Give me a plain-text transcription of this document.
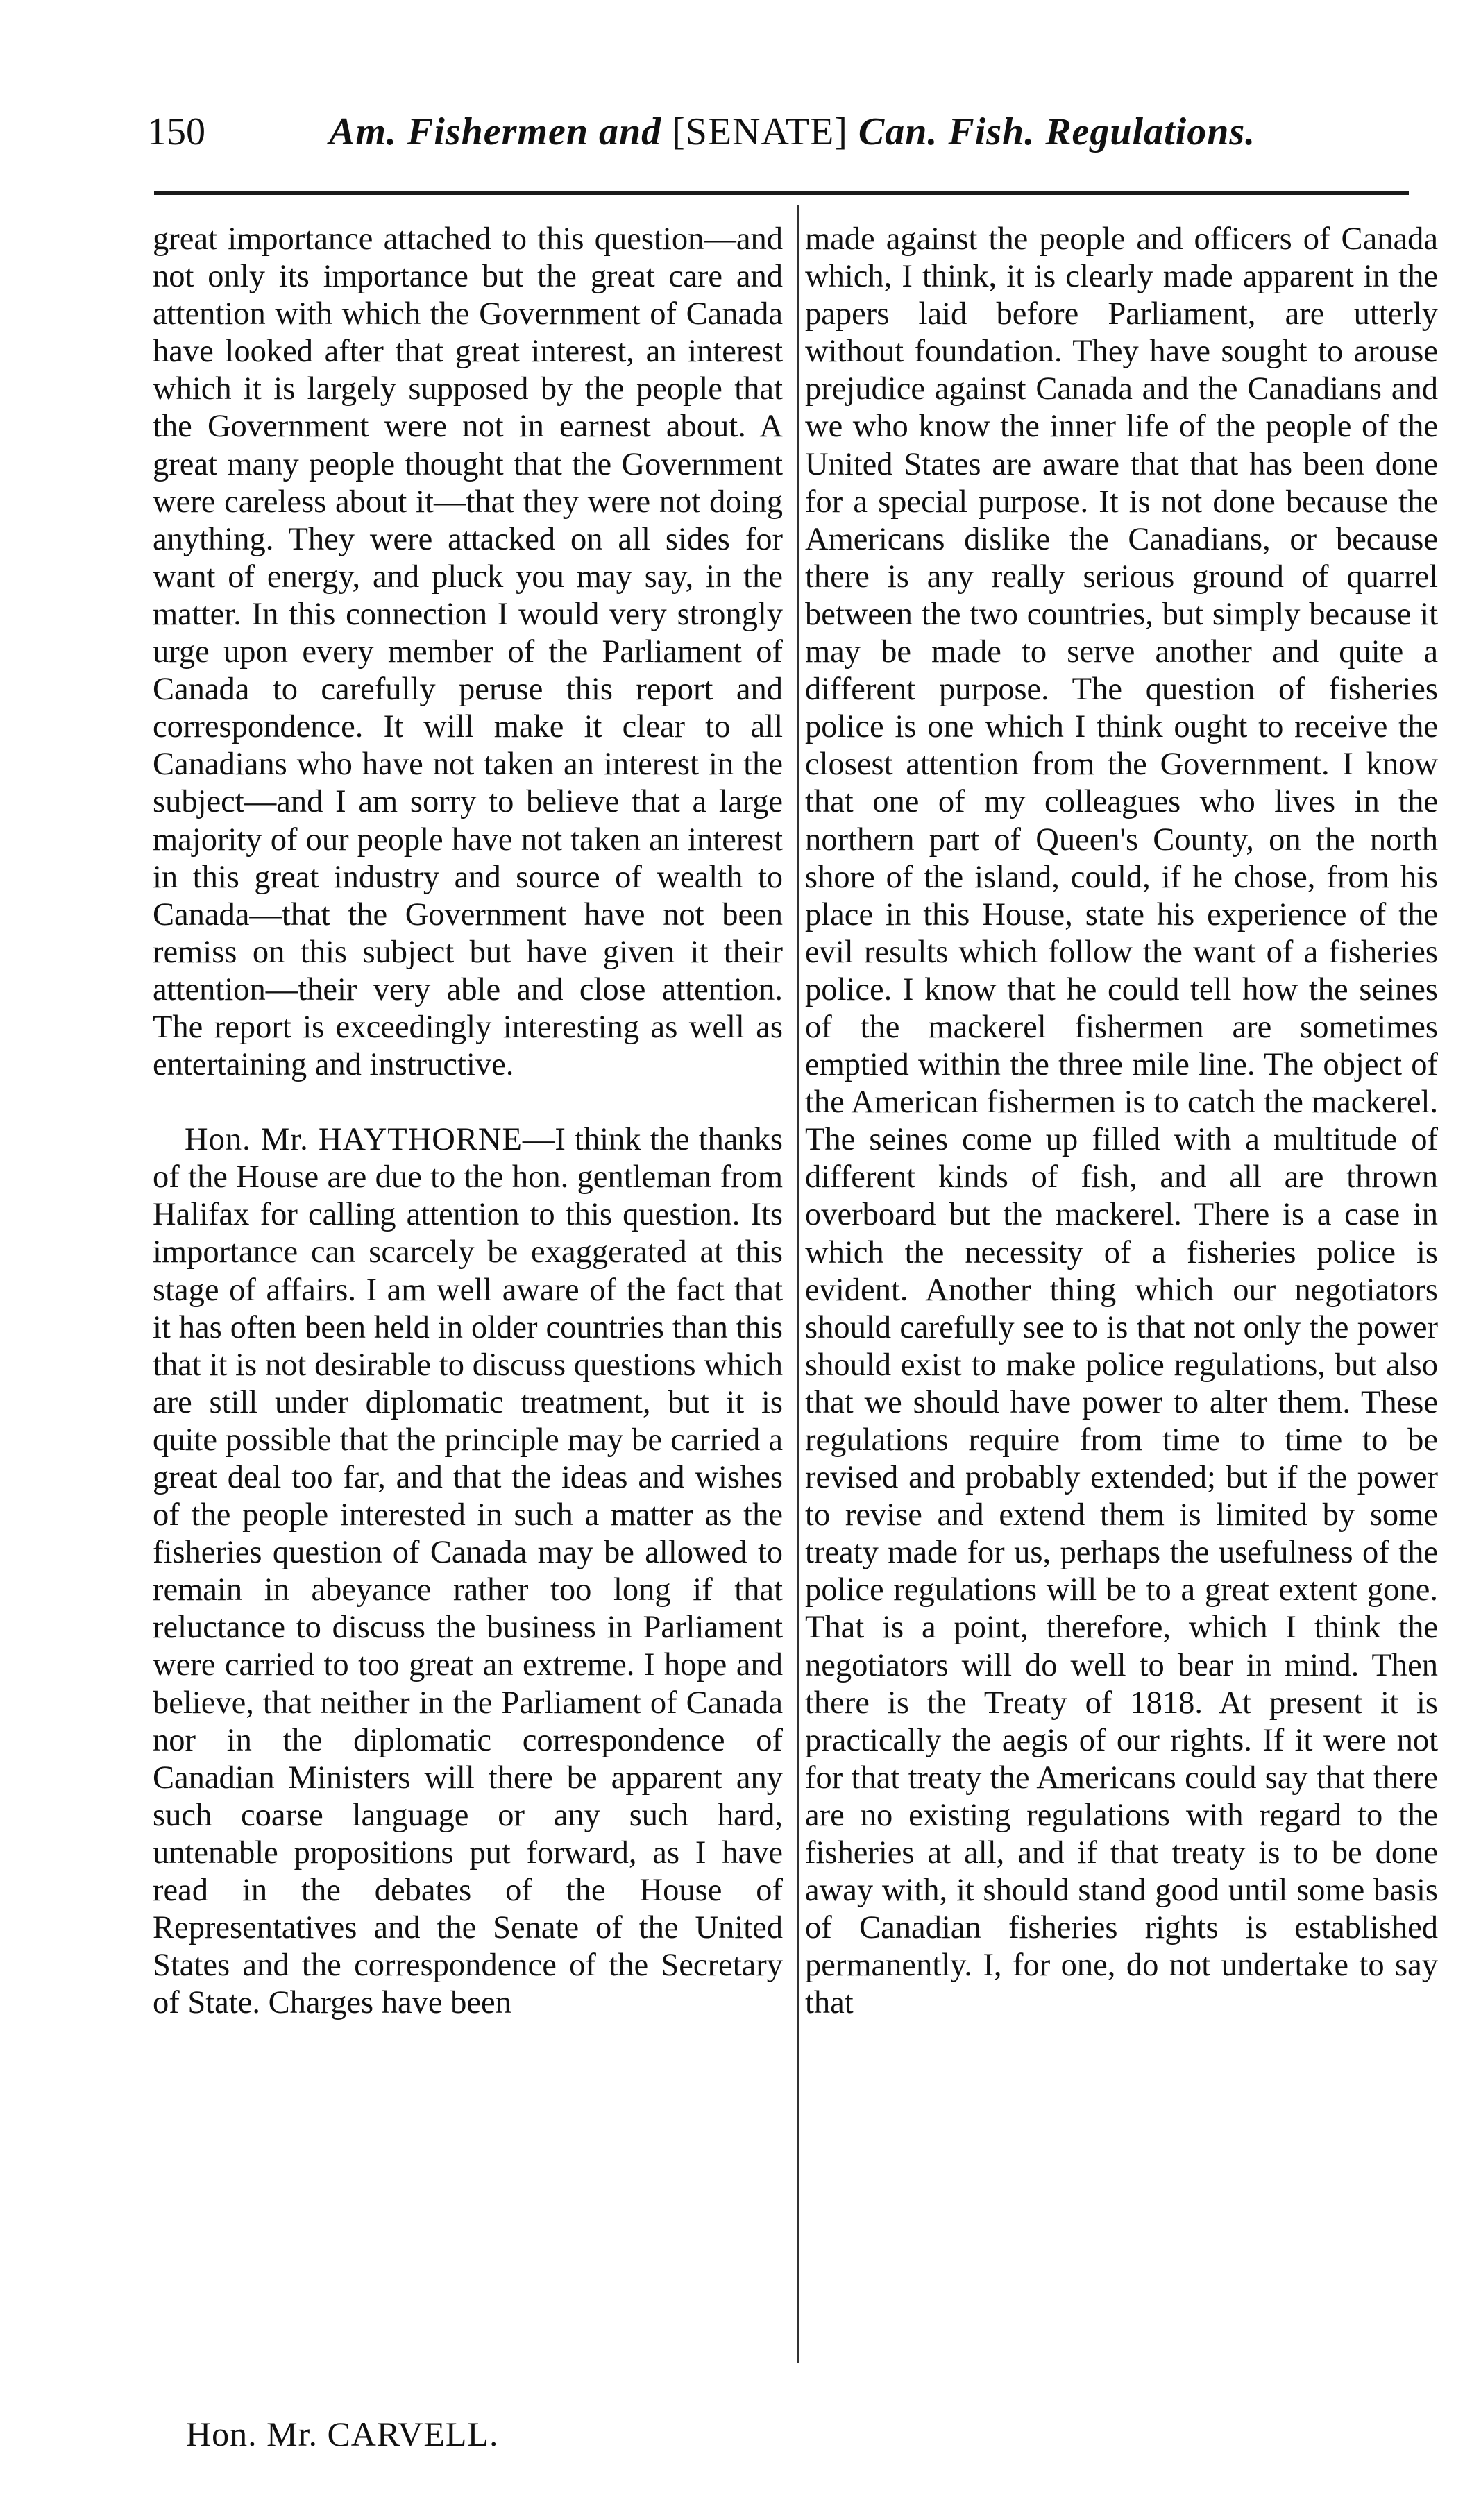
150	Am. Fishermen and [SENATE] Can. Fish. Regulations.

great importance attached to this question—and not only its importance but the great care and attention with which the Government of Canada have looked after that great interest, an interest which it is largely supposed by the people that the Government were not in earnest about. A great many people thought that the Government were careless about it—that they were not doing anything. They were attacked on all sides for want of energy, and pluck you may say, in the matter. In this connection I would very strongly urge upon every member of the Parliament of Canada to carefully peruse this report and correspondence. It will make it clear to all Canadians who have not taken an interest in the subject—and I am sorry to believe that a large majority of our people have not taken an interest in this great industry and source of wealth to Canada—that the Government have not been remiss on this subject but have given it their attention—their very able and close attention. The report is exceedingly interesting as well as entertaining and instructive.

Hon. Mr. HAYTHORNE—I think the thanks of the House are due to the hon. gentleman from Halifax for calling attention to this question. Its importance can scarcely be exaggerated at this stage of affairs. I am well aware of the fact that it has often been held in older countries than this that it is not desirable to discuss questions which are still under diplomatic treatment, but it is quite possible that the principle may be carried a great deal too far, and that the ideas and wishes of the people interested in such a matter as the fisheries question of Canada may be allowed to remain in abeyance rather too long if that reluctance to discuss the business in Parliament were carried to too great an extreme. I hope and believe, that neither in the Parliament of Canada nor in the diplomatic correspondence of Canadian Ministers will there be apparent any such coarse language or any such hard, untenable propositions put forward, as I have read in the debates of the House of Representatives and the Senate of the United States and the correspondence of the Secretary of State. Charges have been

made against the people and officers of Canada which, I think, it is clearly made apparent in the papers laid before Parliament, are utterly without foundation. They have sought to arouse prejudice against Canada and the Canadians and we who know the inner life of the people of the United States are aware that that has been done for a special purpose. It is not done because the Americans dislike the Canadians, or because there is any really serious ground of quarrel between the two countries, but simply because it may be made to serve another and quite a different purpose. The question of fisheries police is one which I think ought to receive the closest attention from the Government. I know that one of my colleagues who lives in the northern part of Queen's County, on the north shore of the island, could, if he chose, from his place in this House, state his experience of the evil results which follow the want of a fisheries police. I know that he could tell how the seines of the mackerel fishermen are sometimes emptied within the three mile line. The object of the American fishermen is to catch the mackerel. The seines come up filled with a multitude of different kinds of fish, and all are thrown overboard but the mackerel. There is a case in which the necessity of a fisheries police is evident. Another thing which our negotiators should carefully see to is that not only the power should exist to make police regulations, but also that we should have power to alter them. These regulations require from time to time to be revised and probably extended; but if the power to revise and extend them is limited by some treaty made for us, perhaps the usefulness of the police regulations will be to a great extent gone. That is a point, therefore, which I think the negotiators will do well to bear in mind. Then there is the Treaty of 1818. At present it is practically the aegis of our rights. If it were not for that treaty the Americans could say that there are no existing regulations with regard to the fisheries at all, and if that treaty is to be done away with, it should stand good until some basis of Canadian fisheries rights is established permanently. I, for one, do not undertake to say that

Hon. Mr. CARVELL.
